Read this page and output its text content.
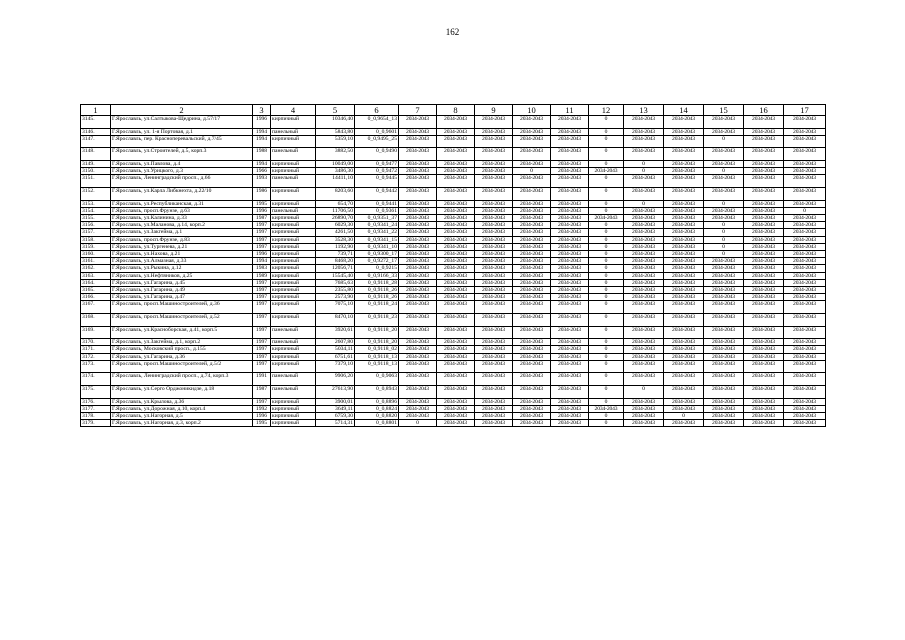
162
1	2	3	4	5	6	7	8	9	10	11	12	13	14	15	16	17
3145.	Г.Ярославль, ул.Салтыкова-Щедрина, д.57/17	1996	кирпичный	10346,40	0_0,9654_13	2034-2043	2034-2043	2034-2043	2034-2043	2034-2043	0	2034-2043	2034-2043	2034-2043	2034-2043	2034-2043
3146.	Г.Ярославль, ул. 1-я Портовая, д.1	1994	панельный	5843,80	0_0,9601	2034-2043	2034-2043	2034-2043	2034-2043	2034-2043	0	2034-2043	2034-2043	2034-2043	2034-2043	2034-2043
3147.	Г.Ярославль, пер. Красноперевальский, д.7/45	1994	кирпичный	5359,10	0_0,9495_25	2034-2043	2034-2043	2034-2043	2034-2043	2034-2043	0	2034-2043	2034-2043	0	2034-2043	2034-2043
3148.	Г.Ярославль, ул.Строителей, д.5, корп.3	1988	панельный	3882,50	0_0,9490	2034-2043	2034-2043	2034-2043	2034-2043	2034-2043	0	2034-2043	2034-2043	2034-2043	2034-2043	2034-2043
3149.	Г.Ярославль, ул.Павлова, д.4	1994	кирпичный	10049,00	0_0,9477	2034-2043	2034-2043	2034-2043	2034-2043	2034-2043	0	0	2034-2043	2034-2043	2034-2043	2034-2043
3150.	Г.Ярославль, ул.Урицкого, д.3	1966	кирпичный	3486,30	0_0,9472	2034-2043	2034-2043	2034-2043	0	2034-2043	2034-2043	0	2034-2043	0	2034-2043	2034-2043
3151.	Г.Ярославль, Ленинградский просп., д.66	1993	панельный	14411,10	0_0,9445	2034-2043	2034-2043	2034-2043	2034-2043	2034-2043	0	2034-2043	2034-2043	2034-2043	2034-2043	2034-2043
3152.	Г.Ярославль, ул.Карла Либкнехта, д.22/10	1986	кирпичный	8203,60	0_0,9442	2034-2043	2034-2043	2034-2043	2034-2043	2034-2043	0	2034-2043	2034-2043	2034-2043	2034-2043	2034-2043
3153.	Г.Ярославль, ул.Республиканская, д.31	1995	кирпичный	654,70	0_0,9441	2034-2043	2034-2043	2034-2043	2034-2043	2034-2043	0	0	2034-2043	0	2034-2043	2034-2043
3154.	Г.Ярославль, просп.Фрунзе, д.63	1996	панельный	11706,50	0_0,9361	2034-2043	2034-2043	2034-2043	2034-2043	2034-2043	0	2034-2043	2034-2043	2034-2043	2034-2043	0
3155.	Г.Ярославль, ул.Калинина, д.33	1987	кирпичный	26890,70	0_0,9351_37	2034-2043	2034-2043	2034-2043	2034-2043	2034-2043	2034-2043	2034-2043	2034-2043	2034-2043	2034-2043	2034-2043
3156.	Г.Ярославль, ул.Маланова, д.14, корп.2	1997	кирпичный	6029,30	0_0,9341_24	2034-2043	2034-2043	2034-2043	2034-2043	2034-2043	0	2034-2043	2034-2043	0	2034-2043	2034-2043
3157.	Г.Ярославль, ул.Закгейма, д.1	1997	кирпичный	4261,50	0_0,9341_22	2034-2043	2034-2043	2034-2043	2034-2043	2034-2043	0	2034-2043	2034-2043	0	2034-2043	2034-2043
3158.	Г.Ярославль, просп.Фрунзе, д.83	1997	кирпичный	3528,30	0_0,9341_15	2034-2043	2034-2043	2034-2043	2034-2043	2034-2043	0	2034-2043	2034-2043	0	2034-2043	2034-2043
3159.	Г.Ярославль, ул.Тургенева, д.21	1997	кирпичный	1192,90	0_0,9341_10	2034-2043	2034-2043	2034-2043	2034-2043	2034-2043	0	2034-2043	2034-2043	0	2034-2043	2034-2043
3160.	Г.Ярославль, ул.Нахова, д.21	1996	кирпичный	739,71	0_0,9300_17	2034-2043	2034-2043	2034-2043	2034-2043	2034-2043	0	2034-2043	2034-2043	0	2034-2043	2034-2043
3161.	Г.Ярославль, ул.Алмазная, д.33	1994	кирпичный	8468,20	0_0,9272_17	2034-2043	2034-2043	2034-2043	2034-2043	2034-2043	0	2034-2043	2034-2043	2034-2043	2034-2043	2034-2043
3162.	Г.Ярославль, ул.Рыкина, д.12	1983	кирпичный	12056,71	0_0,9215	2034-2043	2034-2043	2034-2043	2034-2043	2034-2043	0	2034-2043	2034-2043	2034-2043	2034-2043	2034-2043
3163.	Г.Ярославль, ул.Нефтяников, д.25	1989	кирпичный	15545,40	0_0,9166_33	2034-2043	2034-2043	2034-2043	2034-2043	2034-2043	0	2034-2043	2034-2043	2034-2043	2034-2043	2034-2043
3164.	Г.Ярославль, ул.Гагарина, д.45	1997	кирпичный	7685,63	0_0,9118_28	2034-2043	2034-2043	2034-2043	2034-2043	2034-2043	0	2034-2043	2034-2043	2034-2043	2034-2043	2034-2043
3165.	Г.Ярославль, ул.Гагарина, д.49	1997	кирпичный	2355,80	0_0,9118_26	2034-2043	2034-2043	2034-2043	2034-2043	2034-2043	0	2034-2043	2034-2043	2034-2043	2034-2043	2034-2043
3166.	Г.Ярославль, ул.Гагарина, д.47	1997	кирпичный	2573,90	0_0,9118_26	2034-2043	2034-2043	2034-2043	2034-2043	2034-2043	0	2034-2043	2034-2043	2034-2043	2034-2043	2034-2043
3167.	Г.Ярославль, просп.Машиностроителей, д.36	1997	кирпичный	7075,10	0_0,9118_24	2034-2043	2034-2043	2034-2043	2034-2043	2034-2043	0	2034-2043	2034-2043	2034-2043	2034-2043	2034-2043
3168.	Г.Ярославль, просп.Машиностроителей, д.52	1997	кирпичный	8470,10	0_0,9118_23	2034-2043	2034-2043	2034-2043	2034-2043	2034-2043	0	2034-2043	2034-2043	2034-2043	2034-2043	2034-2043
3169.	Г.Ярославль, ул.Красноборская, д.41, корп.5	1997	панельный	3920,61	0_0,9118_20	2034-2043	2034-2043	2034-2043	2034-2043	2034-2043	0	2034-2043	2034-2043	2034-2043	2034-2043	2034-2043
3170.	Г.Ярославль, ул.Закгейма, д.1, корп.2	1997	панельный	2607,80	0_0,9118_20	2034-2043	2034-2043	2034-2043	2034-2043	2034-2043	0	2034-2043	2034-2043	2034-2043	2034-2043	2034-2043
3171.	Г.Ярославль, Московский просп., д.155	1997	кирпичный	5034,11	0_0,9118_02	2034-2043	2034-2043	2034-2043	2034-2043	2034-2043	0	2034-2043	2034-2043	2034-2043	2034-2043	2034-2043
3172.	Г.Ярославль, ул.Гагарина, д.36	1997	кирпичный	6751,61	0_0,9118_13	2034-2043	2034-2043	2034-2043	2034-2043	2034-2043	0	2034-2043	2034-2043	2034-2043	2034-2043	2034-2043
3173.	Г.Ярославль, просп.Машиностроителей, д.5/2	1997	кирпичный	7379,10	0_0,9118_13	2034-2043	2034-2043	2034-2043	2034-2043	2034-2043	0	2034-2043	2034-2043	2034-2043	2034-2043	2034-2043
3174.	Г.Ярославль, Ленинградский просп., д.74, корп.3	1991	панельный	9906,20	0_0,9063	2034-2043	2034-2043	2034-2043	2034-2043	2034-2043	0	2034-2043	2034-2043	2034-2043	2034-2043	2034-2043
3175.	Г.Ярославль, ул.Серго Орджоникидзе, д.18	1987	панельный	27613,90	0_0,8943	2034-2043	2034-2043	2034-2043	2034-2043	2034-2043	0	0	2034-2043	2034-2043	2034-2043	2034-2043
3176.	Г.Ярославль, ул.Крылова, д.36	1997	кирпичный	3900,01	0_0,8896	2034-2043	2034-2043	2034-2043	2034-2043	2034-2043	0	2034-2043	2034-2043	2034-2043	2034-2043	2034-2043
3177.	Г.Ярославль, ул.Дорожная, д.10, корп.4	1992	кирпичный	3649,11	0_0,8824	2034-2043	2034-2043	2034-2043	2034-2043	2034-2043	2034-2043	2034-2043	2034-2043	2034-2043	2034-2043	2034-2043
3178.	Г.Ярославль, ул.Нагорная, д.5	1996	кирпичный	6759,30	0_0,8820	2034-2043	2034-2043	2034-2043	2034-2043	2034-2043	0	2034-2043	0	2034-2043	2034-2043	2034-2043
3179.	Г.Ярославль, ул.Нагорная, д.3, корп.2	1995	кирпичный	5714,31	0_0,8801	0	2034-2043	2034-2043	2034-2043	2034-2043	0	2034-2043	2034-2043	2034-2043	2034-2043	2034-2043
